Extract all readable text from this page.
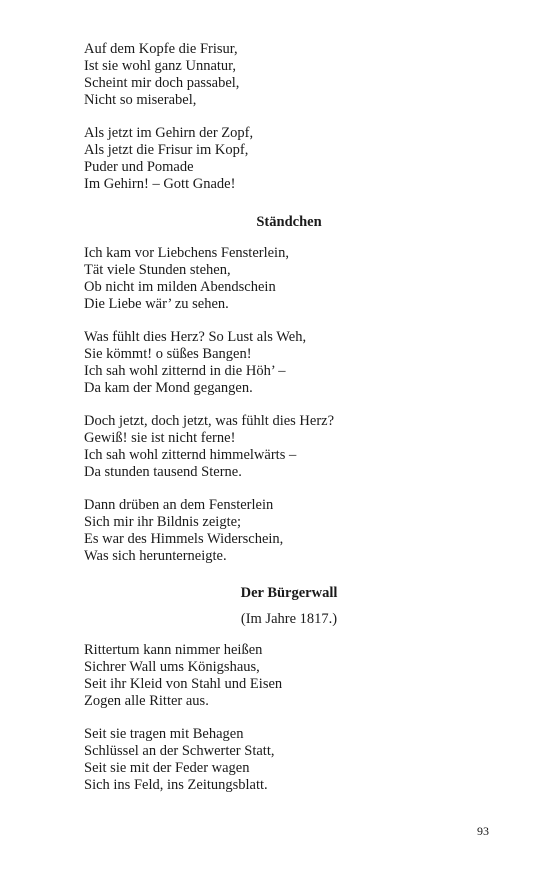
Auf dem Kopfe die Frisur,
Ist sie wohl ganz Unnatur,
Scheint mir doch passabel,
Nicht so miserabel,
Als jetzt im Gehirn der Zopf,
Als jetzt die Frisur im Kopf,
Puder und Pomade
Im Gehirn! – Gott Gnade!
Ständchen
Ich kam vor Liebchens Fensterlein,
Tät viele Stunden stehen,
Ob nicht im milden Abendschein
Die Liebe wär’ zu sehen.
Was fühlt dies Herz? So Lust als Weh,
Sie kömmt! o süßes Bangen!
Ich sah wohl zitternd in die Höh’ –
Da kam der Mond gegangen.
Doch jetzt, doch jetzt, was fühlt dies Herz?
Gewiß! sie ist nicht ferne!
Ich sah wohl zitternd himmelwärts –
Da stunden tausend Sterne.
Dann drüben an dem Fensterlein
Sich mir ihr Bildnis zeigte;
Es war des Himmels Widerschein,
Was sich herunterneigte.
Der Bürgerwall
(Im Jahre 1817.)
Rittertum kann nimmer heißen
Sichrer Wall ums Königshaus,
Seit ihr Kleid von Stahl und Eisen
Zogen alle Ritter aus.
Seit sie tragen mit Behagen
Schlüssel an der Schwerter Statt,
Seit sie mit der Feder wagen
Sich ins Feld, ins Zeitungsblatt.
93
